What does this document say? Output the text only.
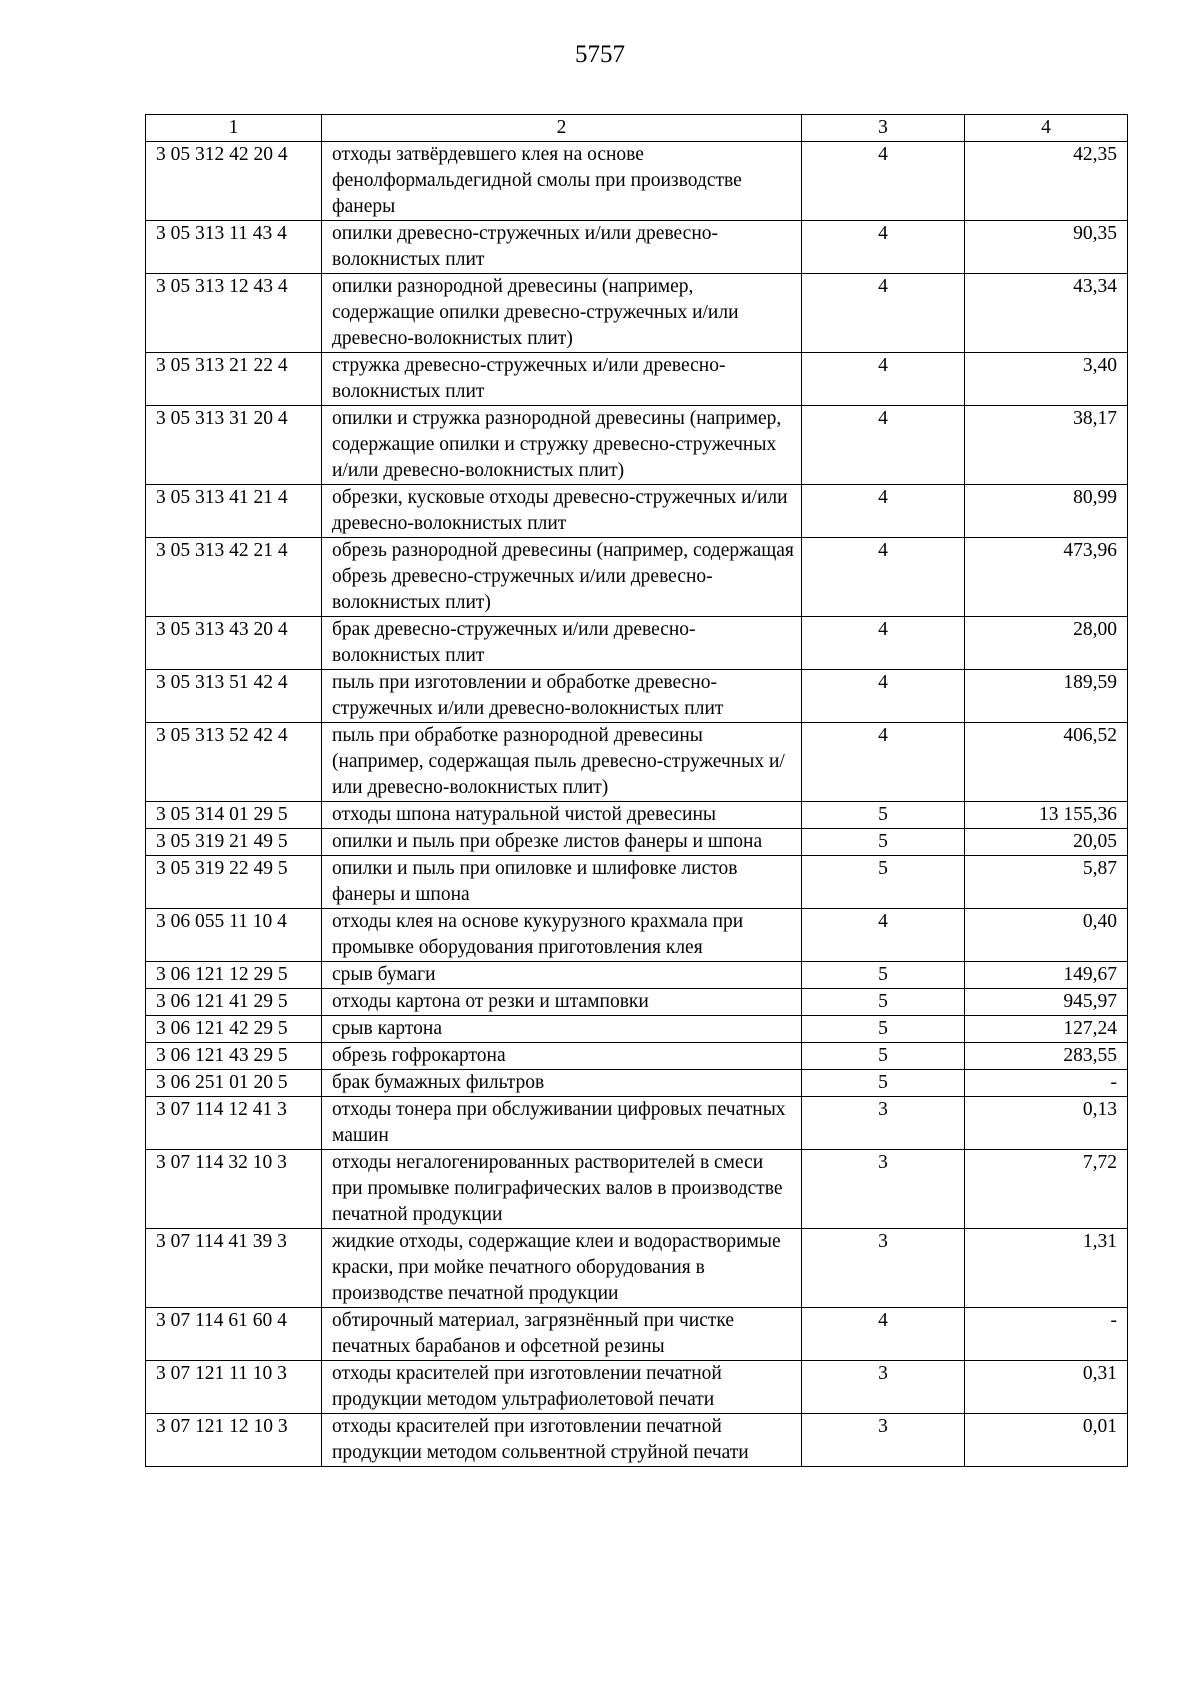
5757
1	2	3	4
3 05 312 42 20 4	отходы затвёрдевшего клея на основе фенолформальдегидной смолы при производстве фанеры	4	42,35
3 05 313 11 43 4	опилки древесно-стружечных и/или древесно-волокнистых плит	4	90,35
3 05 313 12 43 4	опилки разнородной древесины (например, содержащие опилки древесно-стружечных и/или древесно-волокнистых плит)	4	43,34
3 05 313 21 22 4	стружка древесно-стружечных и/или древесно-волокнистых плит	4	3,40
3 05 313 31 20 4	опилки и стружка разнородной древесины (например, содержащие опилки и стружку древесно-стружечных и/или древесно-волокнистых плит)	4	38,17
3 05 313 41 21 4	обрезки, кусковые отходы древесно-стружечных и/или древесно-волокнистых плит	4	80,99
3 05 313 42 21 4	обрезь разнородной древесины (например, содержащая обрезь древесно-стружечных и/или древесно-волокнистых плит)	4	473,96
3 05 313 43 20 4	брак древесно-стружечных и/или древесно-волокнистых плит	4	28,00
3 05 313 51 42 4	пыль при изготовлении и обработке древесно-стружечных и/или древесно-волокнистых плит	4	189,59
3 05 313 52 42 4	пыль при обработке разнородной древесины (например, содержащая пыль древесно-стружечных и/или древесно-волокнистых плит)	4	406,52
3 05 314 01 29 5	отходы шпона натуральной чистой древесины	5	13 155,36
3 05 319 21 49 5	опилки и пыль при обрезке листов фанеры и шпона	5	20,05
3 05 319 22 49 5	опилки и пыль при опиловке и шлифовке листов фанеры и шпона	5	5,87
3 06 055 11 10 4	отходы клея на основе кукурузного крахмала при промывке оборудования приготовления клея	4	0,40
3 06 121 12 29 5	срыв бумаги	5	149,67
3 06 121 41 29 5	отходы картона от резки и штамповки	5	945,97
3 06 121 42 29 5	срыв картона	5	127,24
3 06 121 43 29 5	обрезь гофрокартона	5	283,55
3 06 251 01 20 5	брак бумажных фильтров	5	-
3 07 114 12 41 3	отходы тонера при обслуживании цифровых печатных машин	3	0,13
3 07 114 32 10 3	отходы негалогенированных растворителей в смеси при промывке полиграфических валов в производстве печатной продукции	3	7,72
3 07 114 41 39 3	жидкие отходы, содержащие клеи и водорастворимые краски, при мойке печатного оборудования в производстве печатной продукции	3	1,31
3 07 114 61 60 4	обтирочный материал, загрязнённый при чистке печатных барабанов и офсетной резины	4	-
3 07 121 11 10 3	отходы красителей при изготовлении печатной продукции методом ультрафиолетовой печати	3	0,31
3 07 121 12 10 3	отходы красителей при изготовлении печатной продукции методом сольвентной струйной печати	3	0,01
